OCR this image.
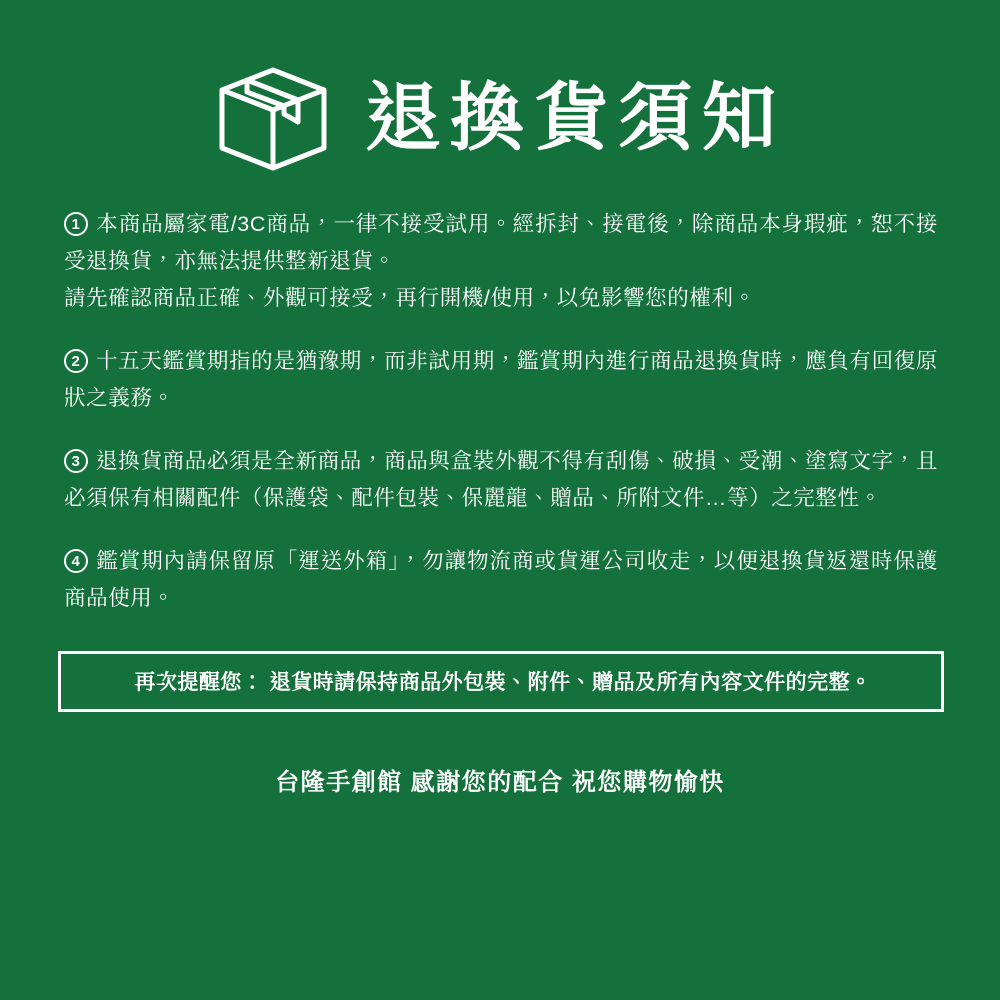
退換貨須知

1 本商品屬家電/3C商品，一律不接受試用。經拆封、接電後，除商品本身瑕疵，恕不接受退換貨，亦無法提供整新退貨。

請先確認商品正確、外觀可接受，再行開機/使用，以免影響您的權利。

2 十五天鑑賞期指的是猶豫期，而非試用期，鑑賞期內進行商品退換貨時，應負有回復原狀之義務。

3 退換貨商品必須是全新商品，商品與盒裝外觀不得有刮傷、破損、受潮、塗寫文字，且必須保有相關配件（保護袋、配件包裝、保麗龍、贈品、所附文件…等）之完整性。

4 鑑賞期內請保留原「運送外箱」，勿讓物流商或貨運公司收走，以便退換貨返還時保護商品使用。

再次提醒您： 退貨時請保持商品外包裝、附件、贈品及所有內容文件的完整。
台隆手創館 感謝您的配合 祝您購物愉快
